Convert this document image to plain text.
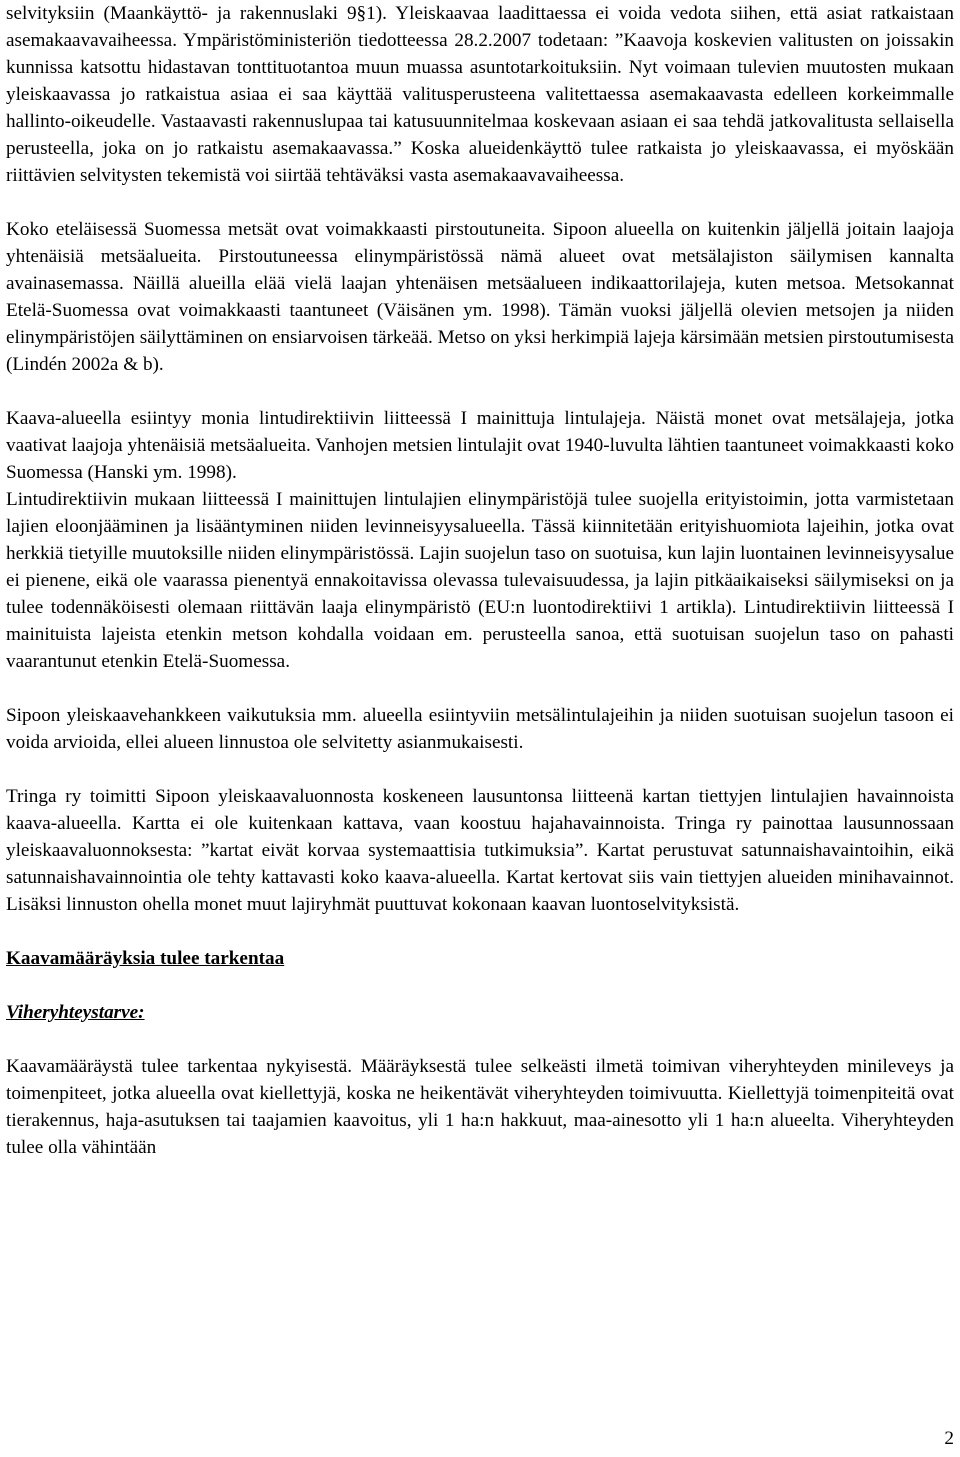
selvityksiin (Maankäyttö- ja rakennuslaki 9§1). Yleiskaavaa laadittaessa ei voida vedota siihen, että asiat ratkaistaan asemakaavavaiheessa. Ympäristöministeriön tiedotteessa 28.2.2007 todetaan: ”Kaavoja koskevien valitusten on joissakin kunnissa katsottu hidastavan tonttituotantoa muun muassa asuntotarkoituksiin. Nyt voimaan tulevien muutosten mukaan yleiskaavassa jo ratkaistua asiaa ei saa käyttää valitusperusteena valitettaessa asemakaavasta edelleen korkeimmalle hallinto-oikeudelle. Vastaavasti rakennuslupaa tai katusuunnitelmaa koskevaan asiaan ei saa tehdä jatkovalitusta sellaisella perusteella, joka on jo ratkaistu asemakaavassa.” Koska alueidenkäyttö tulee ratkaista jo yleiskaavassa, ei myöskään riittävien selvitysten tekemistä voi siirtää tehtäväksi vasta asemakaavavaiheessa.

Koko eteläisessä Suomessa metsät ovat voimakkaasti pirstoutuneita. Sipoon alueella on kuitenkin jäljellä joitain laajoja yhtenäisiä metsäalueita. Pirstoutuneessa elinympäristössä nämä alueet ovat metsälajiston säilymisen kannalta avainasemassa. Näillä alueilla elää vielä laajan yhtenäisen metsäalueen indikaattorilajeja, kuten metsoa. Metsokannat Etelä-Suomessa ovat voimakkaasti taantuneet (Väisänen ym. 1998). Tämän vuoksi jäljellä olevien metsojen ja niiden elinympäristöjen säilyttäminen on ensiarvoisen tärkeää. Metso on yksi herkimpiä lajeja kärsimään metsien pirstoutumisesta (Lindén 2002a & b).

Kaava-alueella esiintyy monia lintudirektiivin liitteessä I mainittuja lintulajeja. Näistä monet ovat metsälajeja, jotka vaativat laajoja yhtenäisiä metsäalueita. Vanhojen metsien lintulajit ovat 1940-luvulta lähtien taantuneet voimakkaasti koko Suomessa (Hanski ym. 1998).

Lintudirektiivin mukaan liitteessä I mainittujen lintulajien elinympäristöjä tulee suojella erityistoimin, jotta varmistetaan lajien eloonjääminen ja lisääntyminen niiden levinneisyysalueella. Tässä kiinnitetään erityishuomiota lajeihin, jotka ovat herkkiä tietyille muutoksille niiden elinympäristössä. Lajin suojelun taso on suotuisa, kun lajin luontainen levinneisyysalue ei pienene, eikä ole vaarassa pienentyä ennakoitavissa olevassa tulevaisuudessa, ja lajin pitkäaikaiseksi säilymiseksi on ja tulee todennäköisesti olemaan riittävän laaja elinympäristö (EU:n luontodirektiivi 1 artikla). Lintudirektiivin liitteessä I mainituista lajeista etenkin metson kohdalla voidaan em. perusteella sanoa, että suotuisan suojelun taso on pahasti vaarantunut etenkin Etelä-Suomessa.

Sipoon yleiskaavehankkeen vaikutuksia mm. alueella esiintyviin metsälintulajeihin ja niiden suotuisan suojelun tasoon ei voida arvioida, ellei alueen linnustoa ole selvitetty asianmukaisesti.

Tringa ry toimitti Sipoon yleiskaavaluonnosta koskeneen lausuntonsa liitteenä kartan tiettyjen lintulajien havainnoista kaava-alueella. Kartta ei ole kuitenkaan kattava, vaan koostuu hajahavainnoista. Tringa ry painottaa lausunnossaan yleiskaavaluonnoksesta: ”kartat eivät korvaa systemaattisia tutkimuksia”. Kartat perustuvat satunnaishavaintoihin, eikä satunnaishavainnointia ole tehty kattavasti koko kaava-alueella. Kartat kertovat siis vain tiettyjen alueiden minihavainnot. Lisäksi linnuston ohella monet muut lajiryhmät puuttuvat kokonaan kaavan luontoselvityksistä.

Kaavamääräyksia tulee tarkentaa

Viheryhteystarve:

Kaavamääräystä tulee tarkentaa nykyisestä. Määräyksestä tulee selkeästi ilmetä toimivan viheryhteyden minileveys ja toimenpiteet, jotka alueella ovat kiellettyjä, koska ne heikentävät viheryhteyden toimivuutta. Kiellettyjä toimenpiteitä ovat tierakennus, haja-asutuksen tai taajamien kaavoitus, yli 1 ha:n hakkuut, maa-ainesotto yli 1 ha:n alueelta. Viheryhteyden tulee olla vähintään

2
